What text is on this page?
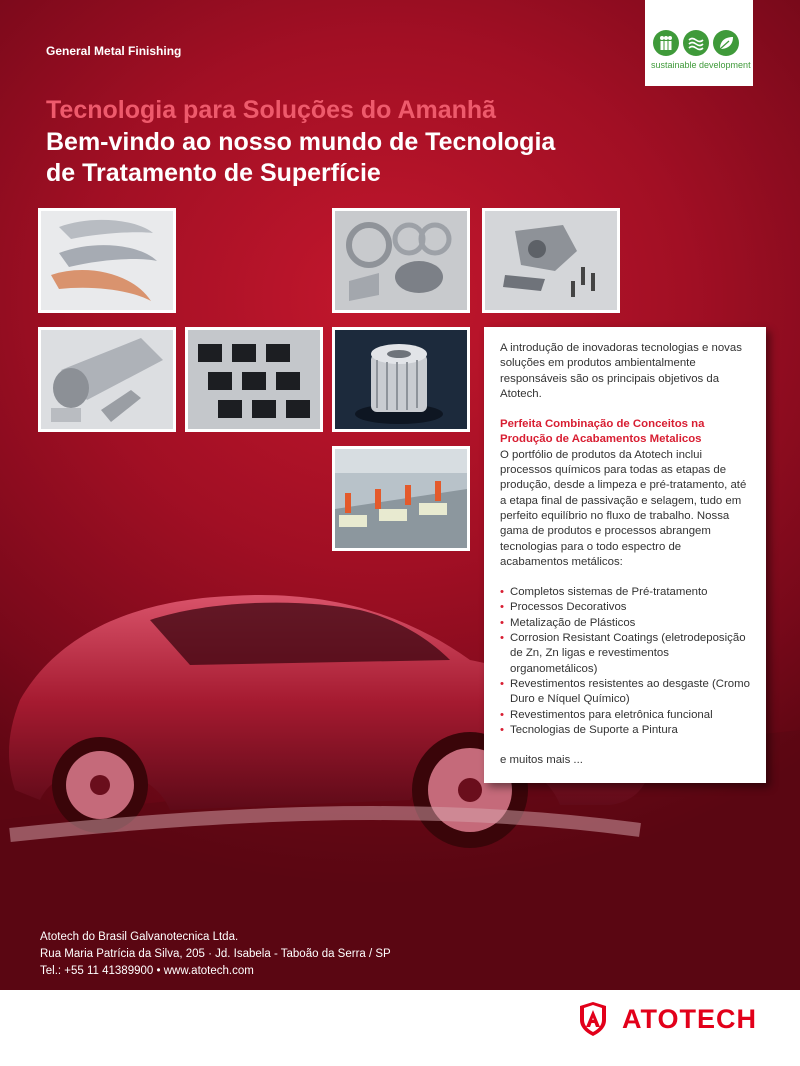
General Metal Finishing
sustainable development
Tecnologia para Soluções do Amanhã
Bem-vindo ao nosso mundo de Tecnologia
de Tratamento de Superfície

A introdução de inovadoras tecnologias e novas soluções em produtos ambientalmente responsáveis são os principais objetivos da Atotech.

Perfeita Combinação de Conceitos na Produção de Acabamentos Metalicos

O portfólio de produtos da Atotech inclui processos químicos para todas as etapas de produção, desde a limpeza e pré-tratamento, até a etapa final de passivação e selagem, tudo em perfeito equilíbrio no fluxo de trabalho. Nossa gama de produtos e processos abrangem tecnologias para o todo espectro de acabamentos metálicos:

• Completos sistemas de Pré-tratamento
• Processos Decorativos
• Metalização de Plásticos
• Corrosion Resistant Coatings (eletrodeposição de Zn, Zn ligas e revestimentos organometálicos)
• Revestimentos resistentes ao desgaste (Cromo Duro e Níquel Químico)
• Revestimentos para eletrônica funcional
• Tecnologias de Suporte a Pintura

e muitos mais ...

Atotech do Brasil Galvanotecnica Ltda.
Rua Maria Patrícia da Silva, 205 · Jd. Isabela - Taboão da Serra / SP
Tel.: +55 11 41389900 • www.atotech.com
ATOTECH
